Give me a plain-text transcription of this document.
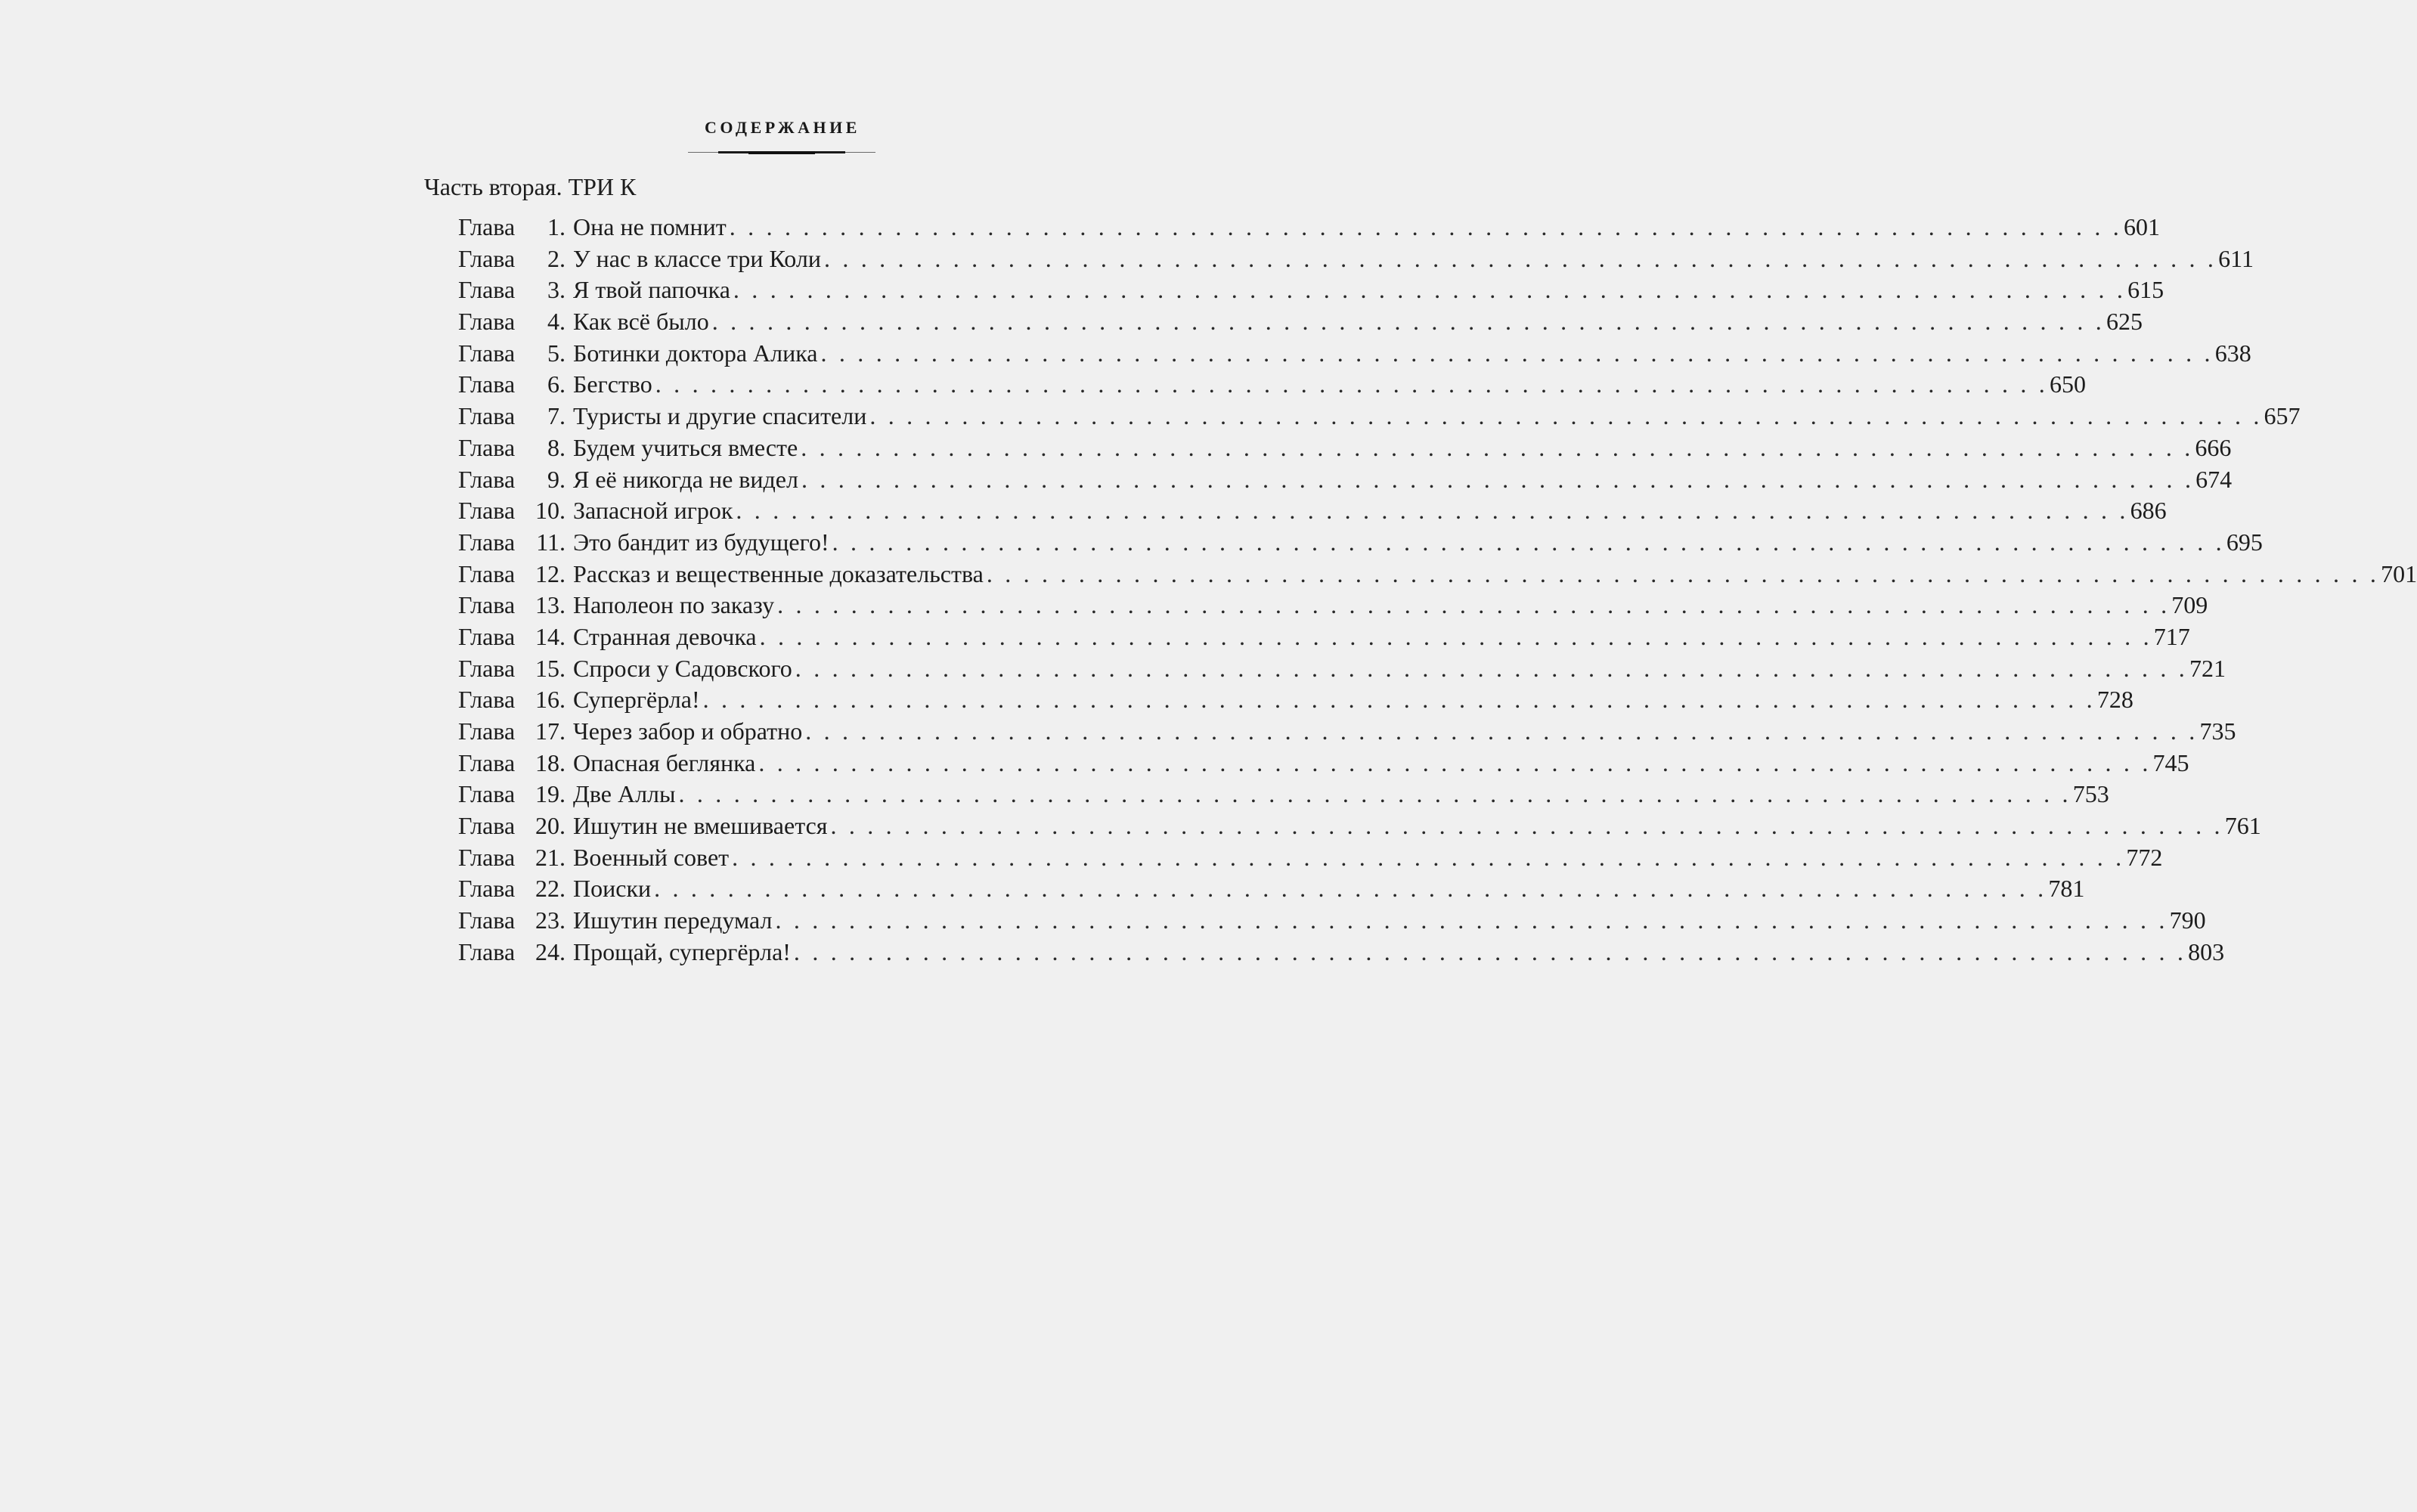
СОДЕРЖАНИЕ
Часть вторая. ТРИ К
Глава	1. Она не помнит . . . . . . . . . . . . . . . . . . . . . . . . . . . . . . . . . . . . . . . . . . . . . . . . . . . . . . . . . . . . . . . . . . . . . . . . . . . . 601
Глава	2. У нас в классе три Коли . . . . . . . . . . . . . . . . . . . . . . . . . . . . . . . . . . . . . . . . . . . . . . . . . . . . . . . . . . . . . . . . . . . . . . . . . . . . 611
Глава	3. Я твой папочка . . . . . . . . . . . . . . . . . . . . . . . . . . . . . . . . . . . . . . . . . . . . . . . . . . . . . . . . . . . . . . . . . . . . . . . . . . . . 615
Глава	4. Как всё было . . . . . . . . . . . . . . . . . . . . . . . . . . . . . . . . . . . . . . . . . . . . . . . . . . . . . . . . . . . . . . . . . . . . . . . . . . . . 625
Глава	5. Ботинки доктора Алика . . . . . . . . . . . . . . . . . . . . . . . . . . . . . . . . . . . . . . . . . . . . . . . . . . . . . . . . . . . . . . . . . . . . . . . . . . . . 638
Глава	6. Бегство . . . . . . . . . . . . . . . . . . . . . . . . . . . . . . . . . . . . . . . . . . . . . . . . . . . . . . . . . . . . . . . . . . . . . . . . . . . . 650
Глава	7. Туристы и другие спасители . . . . . . . . . . . . . . . . . . . . . . . . . . . . . . . . . . . . . . . . . . . . . . . . . . . . . . . . . . . . . . . . . . . . . . . . . . . . 657
Глава	8. Будем учиться вместе . . . . . . . . . . . . . . . . . . . . . . . . . . . . . . . . . . . . . . . . . . . . . . . . . . . . . . . . . . . . . . . . . . . . . . . . . . . . 666
Глава	9. Я её никогда не видел . . . . . . . . . . . . . . . . . . . . . . . . . . . . . . . . . . . . . . . . . . . . . . . . . . . . . . . . . . . . . . . . . . . . . . . . . . . . 674
Глава 10. Запасной игрок . . . . . . . . . . . . . . . . . . . . . . . . . . . . . . . . . . . . . . . . . . . . . . . . . . . . . . . . . . . . . . . . . . . . . . . . . . . . 686
Глава 11. Это бандит из будущего! . . . . . . . . . . . . . . . . . . . . . . . . . . . . . . . . . . . . . . . . . . . . . . . . . . . . . . . . . . . . . . . . . . . . . . . . . . . . 695
Глава 12. Рассказ и вещественные доказательства . . . . . . . . . . . . . . . . . . . . . . . . . . . . . . . . . . . . . . . . . . . . . . . . . . . . . . . . . . . . . . . . . . . . . . . . . . . . 701
Глава 13. Наполеон по заказу . . . . . . . . . . . . . . . . . . . . . . . . . . . . . . . . . . . . . . . . . . . . . . . . . . . . . . . . . . . . . . . . . . . . . . . . . . . . 709
Глава 14. Странная девочка . . . . . . . . . . . . . . . . . . . . . . . . . . . . . . . . . . . . . . . . . . . . . . . . . . . . . . . . . . . . . . . . . . . . . . . . . . . . 717
Глава 15. Спроси у Садовского . . . . . . . . . . . . . . . . . . . . . . . . . . . . . . . . . . . . . . . . . . . . . . . . . . . . . . . . . . . . . . . . . . . . . . . . . . . . 721
Глава 16. Супергёрла! . . . . . . . . . . . . . . . . . . . . . . . . . . . . . . . . . . . . . . . . . . . . . . . . . . . . . . . . . . . . . . . . . . . . . . . . . . . . 728
Глава 17. Через забор и обратно . . . . . . . . . . . . . . . . . . . . . . . . . . . . . . . . . . . . . . . . . . . . . . . . . . . . . . . . . . . . . . . . . . . . . . . . . . . . 735
Глава 18. Опасная беглянка . . . . . . . . . . . . . . . . . . . . . . . . . . . . . . . . . . . . . . . . . . . . . . . . . . . . . . . . . . . . . . . . . . . . . . . . . . . . 745
Глава 19. Две Аллы . . . . . . . . . . . . . . . . . . . . . . . . . . . . . . . . . . . . . . . . . . . . . . . . . . . . . . . . . . . . . . . . . . . . . . . . . . . . 753
Глава 20. Ишутин не вмешивается . . . . . . . . . . . . . . . . . . . . . . . . . . . . . . . . . . . . . . . . . . . . . . . . . . . . . . . . . . . . . . . . . . . . . . . . . . . . 761
Глава 21. Военный совет . . . . . . . . . . . . . . . . . . . . . . . . . . . . . . . . . . . . . . . . . . . . . . . . . . . . . . . . . . . . . . . . . . . . . . . . . . . . 772
Глава 22. Поиски . . . . . . . . . . . . . . . . . . . . . . . . . . . . . . . . . . . . . . . . . . . . . . . . . . . . . . . . . . . . . . . . . . . . . . . . . . . . 781
Глава 23. Ишутин передумал . . . . . . . . . . . . . . . . . . . . . . . . . . . . . . . . . . . . . . . . . . . . . . . . . . . . . . . . . . . . . . . . . . . . . . . . . . . . 790
Глава 24. Прощай, супергёрла! . . . . . . . . . . . . . . . . . . . . . . . . . . . . . . . . . . . . . . . . . . . . . . . . . . . . . . . . . . . . . . . . . . . . . . . . . . . . 803
